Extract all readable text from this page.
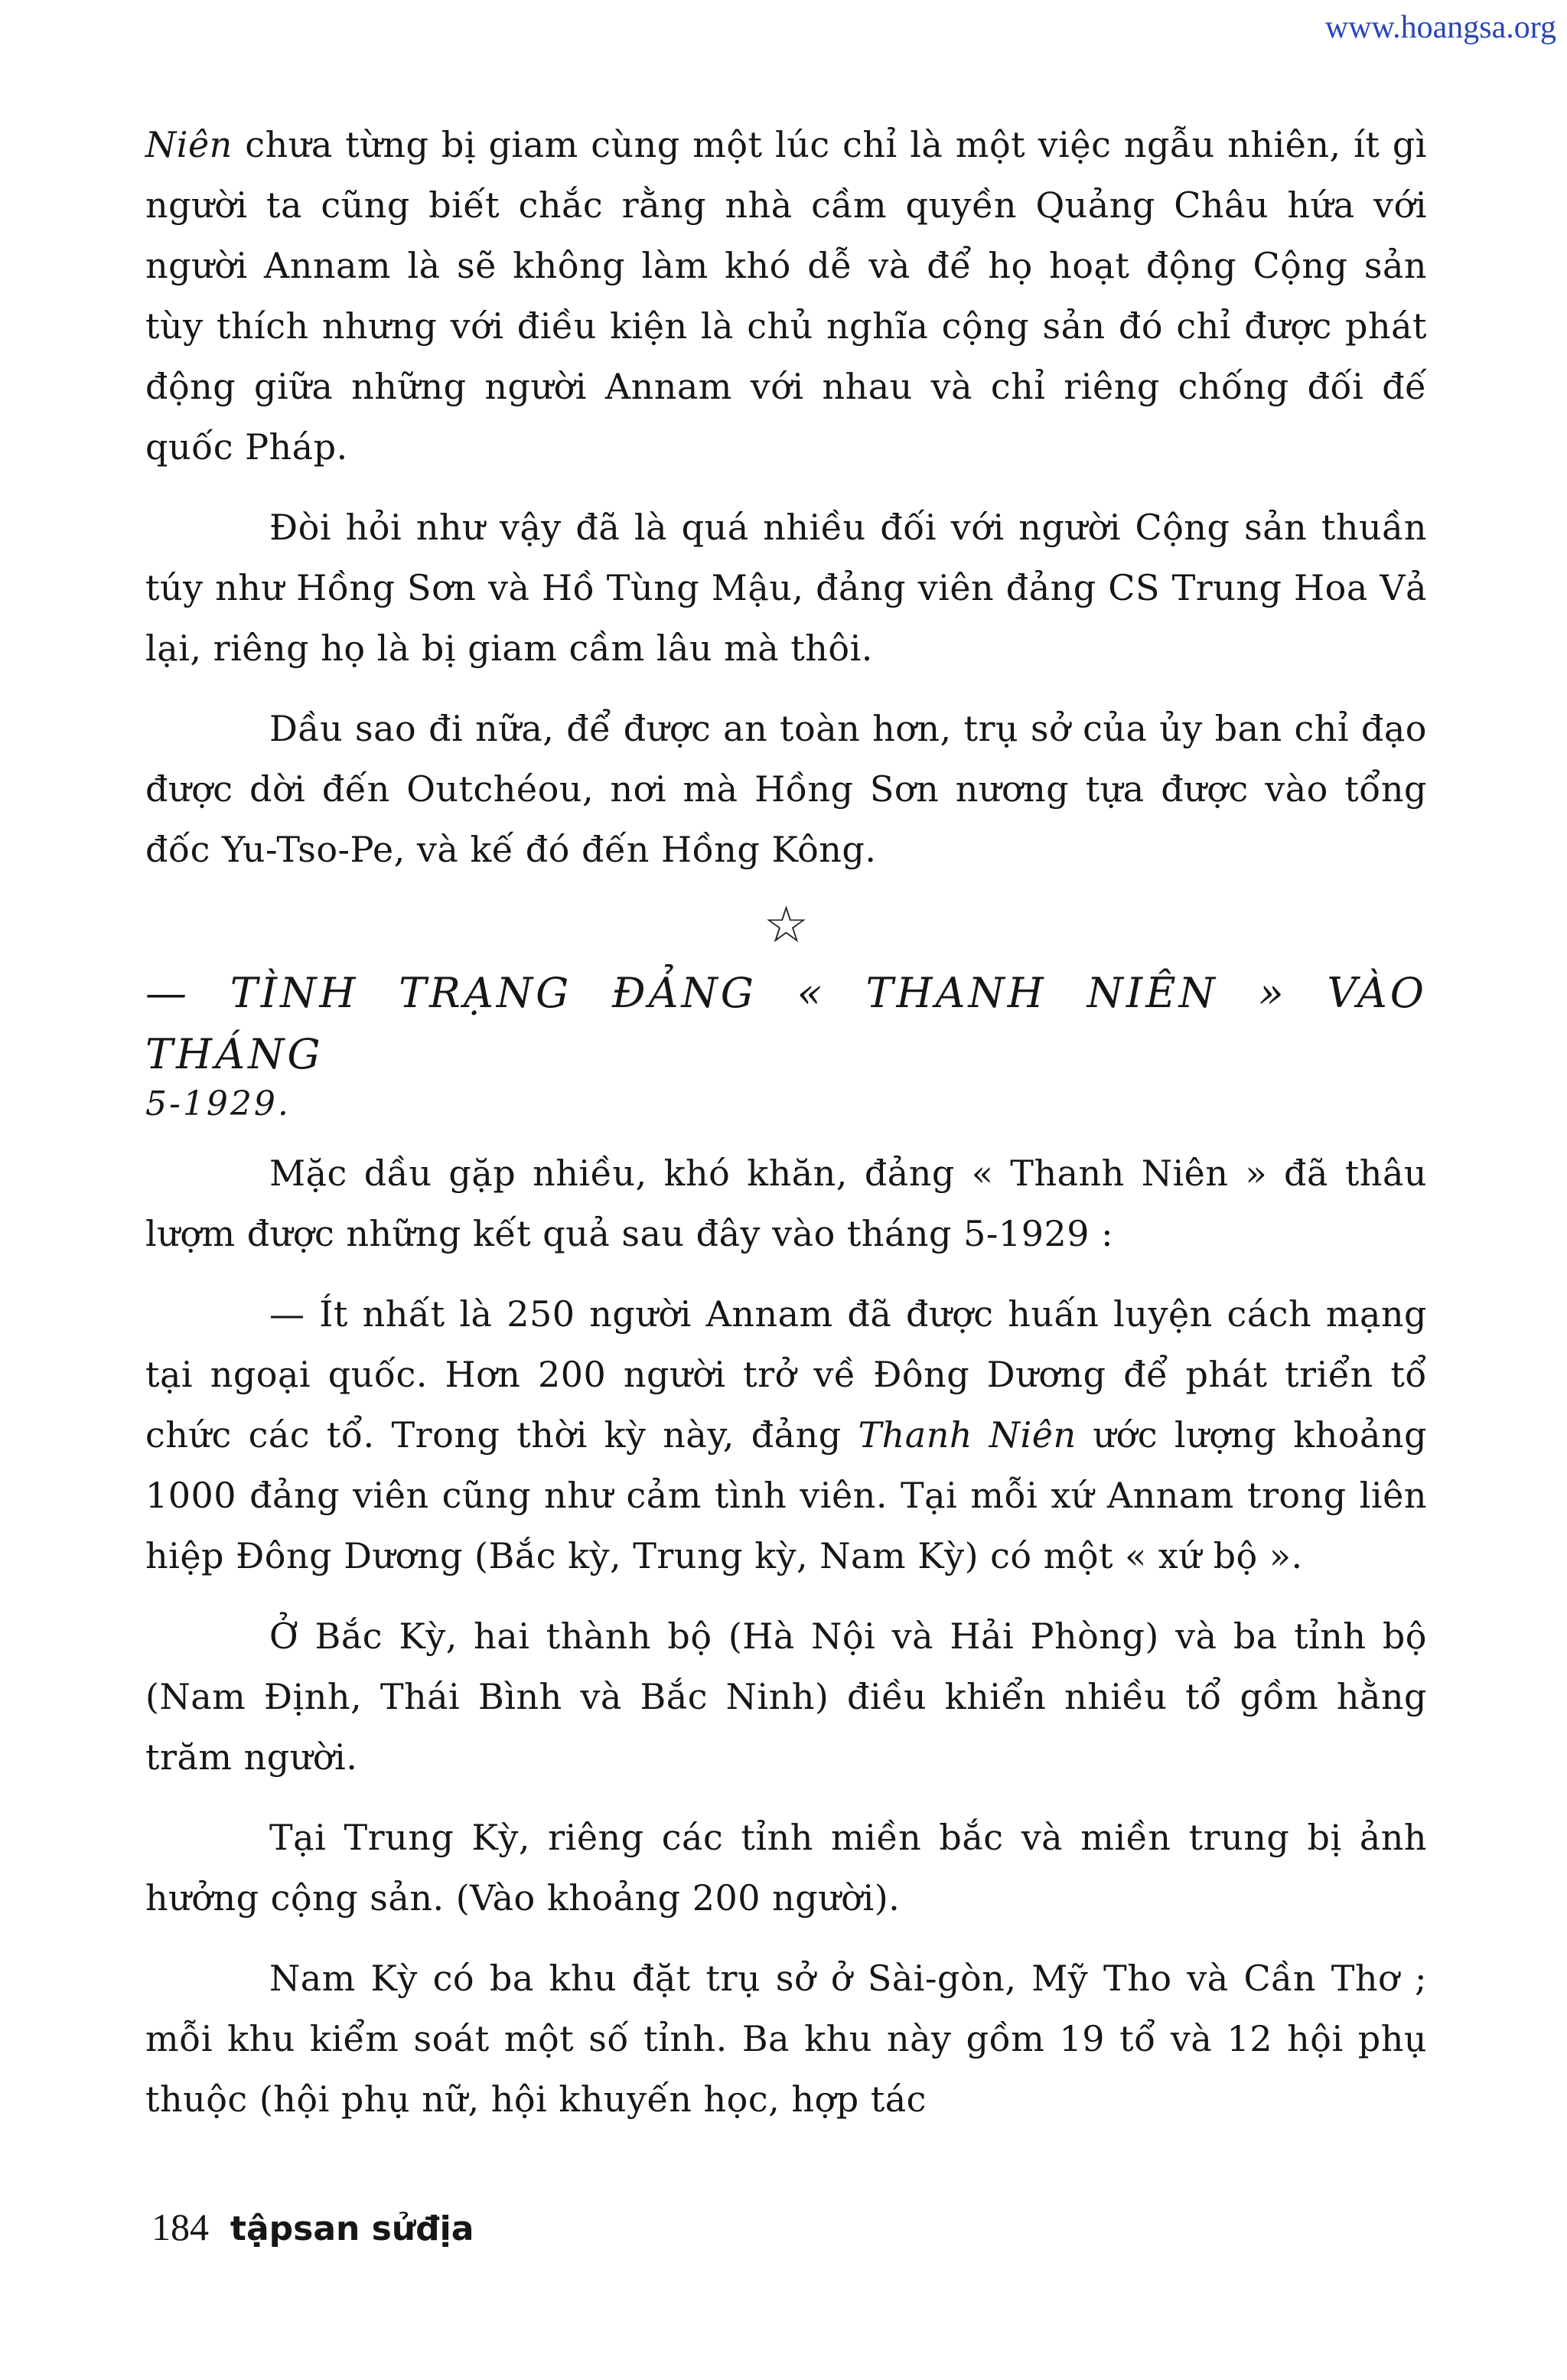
www.hoangsa.org

Niên chưa từng bị giam cùng một lúc chỉ là một việc ngẫu nhiên, ít gì người ta cũng biết chắc rằng nhà cầm quyền Quảng Châu hứa với người Annam là sẽ không làm khó dễ và để họ hoạt động Cộng sản tùy thích nhưng với điều kiện là chủ nghĩa cộng sản đó chỉ được phát động giữa những người Annam với nhau và chỉ riêng chống đối đế quốc Pháp.

Đòi hỏi như vậy đã là quá nhiều đối với người Cộng sản thuần túy như Hồng Sơn và Hồ Tùng Mậu, đảng viên đảng CS Trung Hoa Vả lại, riêng họ là bị giam cầm lâu mà thôi.

Dầu sao đi nữa, để được an toàn hơn, trụ sở của ủy ban chỉ đạo được dời đến Outchéou, nơi mà Hồng Sơn nương tựa được vào tổng đốc Yu-Tso-Pe, và kế đó đến Hồng Kông.

☆
— TÌNH TRẠNG ĐẢNG « THANH NIÊN » VÀO THÁNG

5-1929.

Mặc dầu gặp nhiều, khó khăn, đảng « Thanh Niên » đã thâu lượm được những kết quả sau đây vào tháng 5-1929 :

— Ít nhất là 250 người Annam đã được huấn luyện cách mạng tại ngoại quốc. Hơn 200 người trở về Đông Dương để phát triển tổ chức các tổ. Trong thời kỳ này, đảng Thanh Niên ước lượng khoảng 1000 đảng viên cũng như cảm tình viên. Tại mỗi xứ Annam trong liên hiệp Đông Dương (Bắc kỳ, Trung kỳ, Nam Kỳ) có một « xứ bộ ».

Ở Bắc Kỳ, hai thành bộ (Hà Nội và Hải Phòng) và ba tỉnh bộ (Nam Định, Thái Bình và Bắc Ninh) điều khiển nhiều tổ gồm hằng trăm người.

Tại Trung Kỳ, riêng các tỉnh miền bắc và miền trung bị ảnh hưởng cộng sản. (Vào khoảng 200 người).

Nam Kỳ có ba khu đặt trụ sở ở Sài-gòn, Mỹ Tho và Cần Thơ ; mỗi khu kiểm soát một số tỉnh. Ba khu này gồm 19 tổ và 12 hội phụ thuộc (hội phụ nữ, hội khuyến học, hợp tác

184 tậpsan sửđịa
